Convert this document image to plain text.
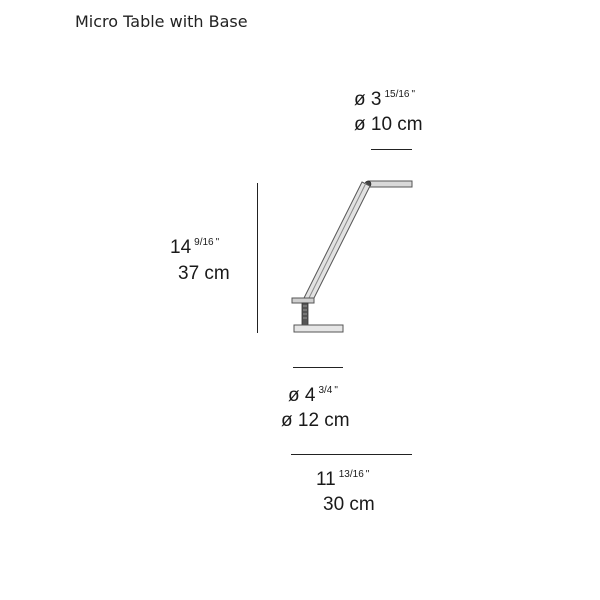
Micro Table with Base
ø 3 $^{15/16}$ "
ø 10 cm
14 $^{9/16}$ "
37 cm
ø 4 $^{3/4}$ "
ø 12 cm
11 $^{13/16}$ "
30 cm
